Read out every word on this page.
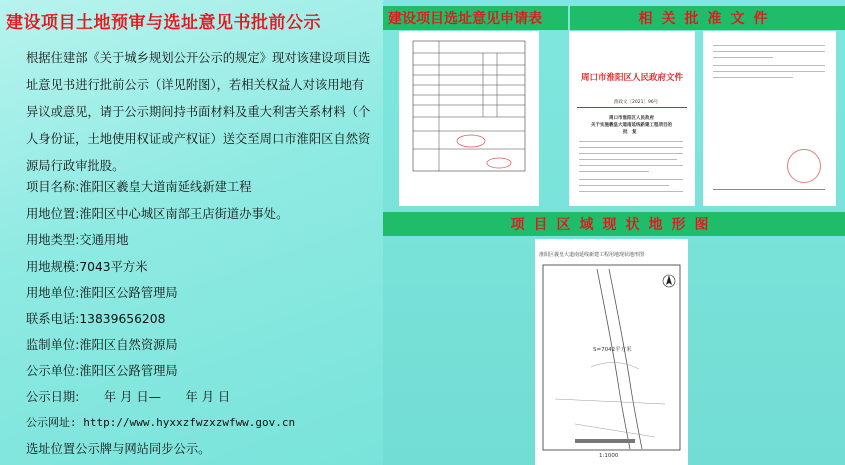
建设项目土地预审与选址意见书批前公示
根据住建部《关于城乡规划公开公示的规定》现对该建设项目选址意见书进行批前公示（详见附图），若相关权益人对该用地有异议或意见，请于公示期间持书面材料及重大利害关系材料（个人身份证，土地使用权证或产权证）送交至周口市淮阳区自然资源局行政审批股。
项目名称:淮阳区羲皇大道南延线新建工程
用地位置:淮阳区中心城区南部王店街道办事处。
用地类型:交通用地
用地规模:7043平方米
用地单位:淮阳区公路管理局
联系电话:13839656208
监制单位:淮阳区自然资源局
公示单位:淮阳区公路管理局
公示日期:　　年 月 日—　　年 月 日
公示网址: http://www.hyxxzfwzxzwfww.gov.cn
选址位置公示牌与网站同步公示。
建设项目选址意见申请表	相关批准文件
周口市淮阳区人民政府文件
淮政文〔2021〕96号
周口市淮阳区人民政府
关于实施羲皇大道南延线新建工程项目的
批　复
项目区域现状地形图
淮阳区羲皇大道南延线新建工程用地现状地形图
S=7042平方米
1:1000
